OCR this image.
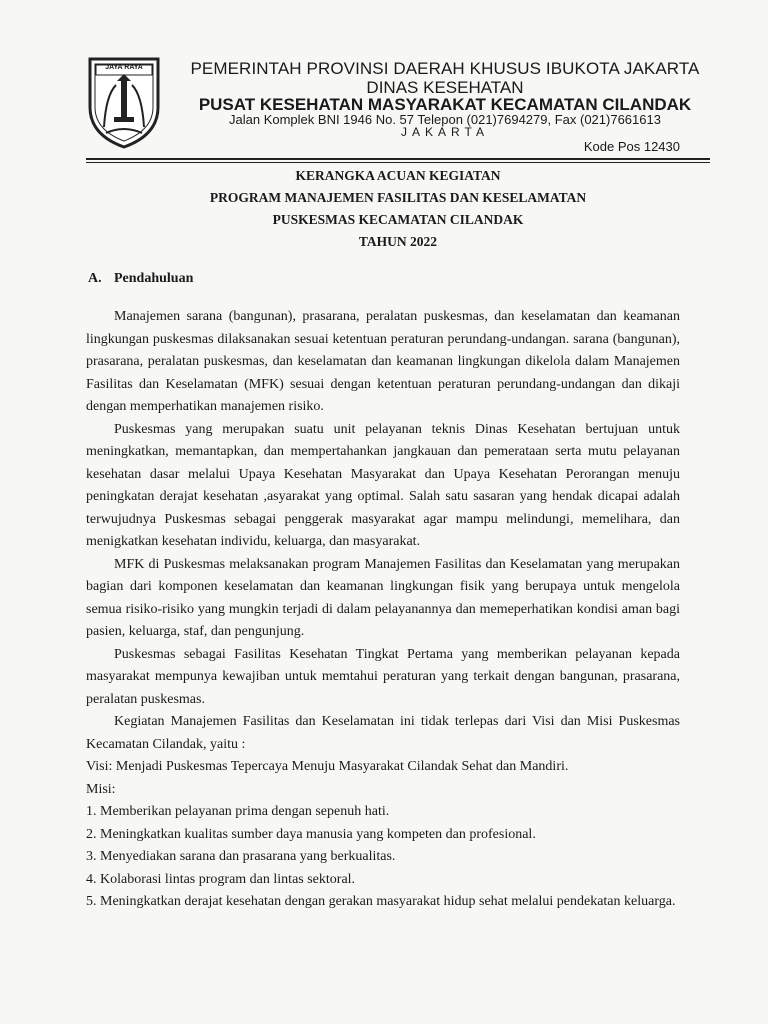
JAYA RAYA	PEMERINTAH PROVINSI DAERAH KHUSUS IBUKOTA JAKARTA
DINAS KESEHATAN
PUSAT KESEHATAN MASYARAKAT KECAMATAN CILANDAK
Jalan Komplek BNI 1946 No. 57 Telepon (021)7694279, Fax (021)7661613
JAKARTA
Kode Pos 12430
KERANGKA ACUAN KEGIATAN
PROGRAM MANAJEMEN FASILITAS DAN KESELAMATAN
PUSKESMAS KECAMATAN CILANDAK
TAHUN 2022
A. Pendahuluan

Manajemen sarana (bangunan), prasarana, peralatan puskesmas, dan keselamatan dan keamanan lingkungan puskesmas dilaksanakan sesuai ketentuan peraturan perundang-undangan. sarana (bangunan), prasarana, peralatan puskesmas, dan keselamatan dan keamanan lingkungan dikelola dalam Manajemen Fasilitas dan Keselamatan (MFK) sesuai dengan ketentuan peraturan perundang-undangan dan dikaji dengan memperhatikan manajemen risiko.

Puskesmas yang merupakan suatu unit pelayanan teknis Dinas Kesehatan bertujuan untuk meningkatkan, memantapkan, dan mempertahankan jangkauan dan pemerataan serta mutu pelayanan kesehatan dasar melalui Upaya Kesehatan Masyarakat dan Upaya Kesehatan Perorangan menuju peningkatan derajat kesehatan ,asyarakat yang optimal. Salah satu sasaran yang hendak dicapai adalah terwujudnya Puskesmas sebagai penggerak masyarakat agar mampu melindungi, memelihara, dan menigkatkan kesehatan individu, keluarga, dan masyarakat.

MFK di Puskesmas melaksanakan program Manajemen Fasilitas dan Keselamatan yang merupakan bagian dari komponen keselamatan dan keamanan lingkungan fisik yang berupaya untuk mengelola semua risiko-risiko yang mungkin terjadi di dalam pelayanannya dan memeperhatikan kondisi aman bagi pasien, keluarga, staf, dan pengunjung.

Puskesmas sebagai Fasilitas Kesehatan Tingkat Pertama yang memberikan pelayanan kepada masyarakat mempunya kewajiban untuk memtahui peraturan yang terkait dengan bangunan, prasarana, peralatan puskesmas.

Kegiatan Manajemen Fasilitas dan Keselamatan ini tidak terlepas dari Visi dan Misi Puskesmas Kecamatan Cilandak, yaitu :

Visi: Menjadi Puskesmas Tepercaya Menuju Masyarakat Cilandak Sehat dan Mandiri.

Misi:

1. Memberikan pelayanan prima dengan sepenuh hati.
2. Meningkatkan kualitas sumber daya manusia yang kompeten dan profesional.
3. Menyediakan sarana dan prasarana yang berkualitas.
4. Kolaborasi lintas program dan lintas sektoral.
5. Meningkatkan derajat kesehatan dengan gerakan masyarakat hidup sehat melalui pendekatan keluarga.
